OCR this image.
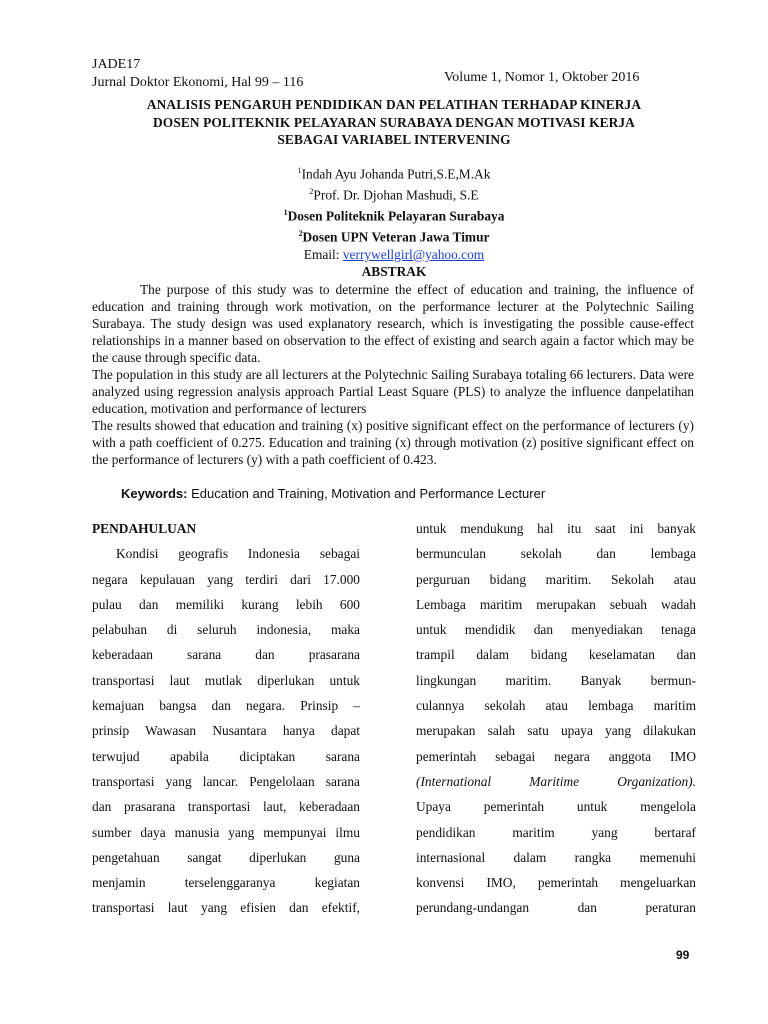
JADE17
Jurnal Doktor Ekonomi, Hal 99 – 116	Volume 1, Nomor 1, Oktober 2016
ANALISIS PENGARUH PENDIDIKAN DAN PELATIHAN TERHADAP KINERJA
DOSEN POLITEKNIK PELAYARAN SURABAYA DENGAN MOTIVASI KERJA
SEBAGAI VARIABEL INTERVENING
$^1$Indah Ayu Johanda Putri,S.E,M.Ak
$^2$Prof. Dr. Djohan Mashudi, S.E
$^1$Dosen Politeknik Pelayaran Surabaya
$^2$Dosen UPN Veteran Jawa Timur
Email: verrywellgirl@yahoo.com
ABSTRAK

The purpose of this study was to determine the effect of education and training, the influence of education and training through work motivation, on the performance lecturer at the Polytechnic Sailing Surabaya. The study design was used explanatory research, which is investigating the possible cause-effect relationships in a manner based on observation to the effect of existing and search again a factor which may be the cause through specific data.

The population in this study are all lecturers at the Polytechnic Sailing Surabaya totaling 66 lecturers. Data were analyzed using regression analysis approach Partial Least Square (PLS) to analyze the influence danpelatihan education, motivation and performance of lecturers

The results showed that education and training (x) positive significant effect on the performance of lecturers (y) with a path coefficient of 0.275. Education and training (x) through motivation (z) positive significant effect on the performance of lecturers (y) with a path coefficient of 0.423.

Keywords: Education and Training, Motivation and Performance Lecturer
PENDAHULUAN
Kondisi geografis Indonesia sebagai
negara kepulauan yang terdiri dari 17.000
pulau dan memiliki kurang lebih 600
pelabuhan di seluruh indonesia, maka
keberadaan sarana dan prasarana
transportasi laut mutlak diperlukan untuk
kemajuan bangsa dan negara. Prinsip –
prinsip Wawasan Nusantara hanya dapat
terwujud apabila diciptakan sarana
transportasi yang lancar. Pengelolaan sarana
dan prasarana transportasi laut, keberadaan
sumber daya manusia yang mempunyai ilmu
pengetahuan sangat diperlukan guna
menjamin terselenggaranya kegiatan
transportasi laut yang efisien dan efektif,
untuk mendukung hal itu saat ini banyak
bermunculan sekolah dan lembaga
perguruan bidang maritim. Sekolah atau
Lembaga maritim merupakan sebuah wadah
untuk mendidik dan menyediakan tenaga
trampil dalam bidang keselamatan dan
lingkungan maritim. Banyak bermun-
culannya sekolah atau lembaga maritim
merupakan salah satu upaya yang dilakukan
pemerintah sebagai negara anggota IMO
(International Maritime Organization).
Upaya pemerintah untuk mengelola
pendidikan maritim yang bertaraf
internasional dalam rangka memenuhi
konvensi IMO, pemerintah mengeluarkan
perundang-undangan dan peraturan
99
